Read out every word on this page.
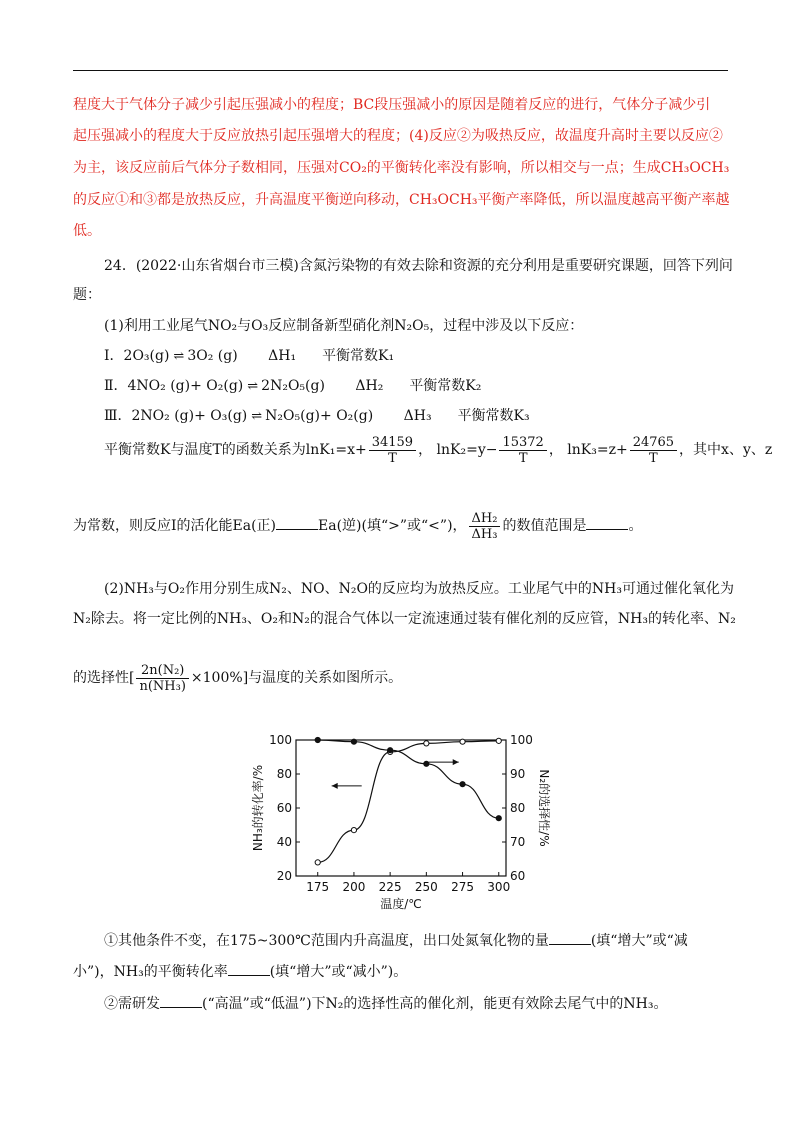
程度大于气体分子减少引起压强减小的程度；BC段压强减小的原因是随着反应的进行，气体分子减少引
起压强减小的程度大于反应放热引起压强增大的程度；(4)反应②为吸热反应，故温度升高时主要以反应②
为主，该反应前后气体分子数相同，压强对CO₂的平衡转化率没有影响，所以相交与一点；生成CH₃OCH₃
的反应①和③都是放热反应，升高温度平衡逆向移动，CH₃OCH₃平衡产率降低，所以温度越高平衡产率越
低。
24．(2022·山东省烟台市三模)含氮污染物的有效去除和资源的充分利用是重要研究课题，回答下列问
题：
(1)利用工业尾气NO₂与O₃反应制备新型硝化剂N₂O₅，过程中涉及以下反应：
Ⅰ．2O₃(g) ⇌ 3O₂ (g) ΔH₁ 平衡常数K₁
Ⅱ．4NO₂ (g)+ O₂(g) ⇌ 2N₂O₅(g) ΔH₂ 平衡常数K₂
Ⅲ．2NO₂ (g)+ O₃(g) ⇌ N₂O₅(g)+ O₂(g) ΔH₃ 平衡常数K₃
平衡常数K与温度T的函数关系为$\ln K_1=x+ \frac{34159}{T}$ ， $\ln K_2=y- \frac{15372}{T}$ ， $\ln K_3=z+ \frac{24765}{T}$ ，其中x、y、z
为常数，则反应Ⅰ的活化能Ea(正)	Ea(逆)(填“>”或“<”)， $\frac{\text{ΔH₂}}{\text{ΔH₃}}$ 的数值范围是	。
(2)NH₃与O₂作用分别生成N₂、NO、N₂O的反应均为放热反应。工业尾气中的NH₃可通过催化氧化为
N₂除去。将一定比例的NH₃、O₂和N₂的混合气体以一定流速通过装有催化剂的反应管，NH₃的转化率、N₂
的选择性[ $\frac{\text{2n(N₂)}}{\text{n(NH₃)}} \times 100\%$]与温度的关系如图所示。
175 200 225 250 275 300
20
40
60
80
100
60
70
80
90
100
温度/℃
NH₃的转化率/%	N₂的选择性/%
①其他条件不变，在175~300℃范围内升高温度，出口处氮氧化物的量	(填“增大”或“减
小”)，NH₃的平衡转化率	(填“增大”或“减小”)。
②需研发	(“高温”或“低温”)下N₂的选择性高的催化剂，能更有效除去尾气中的NH₃。
